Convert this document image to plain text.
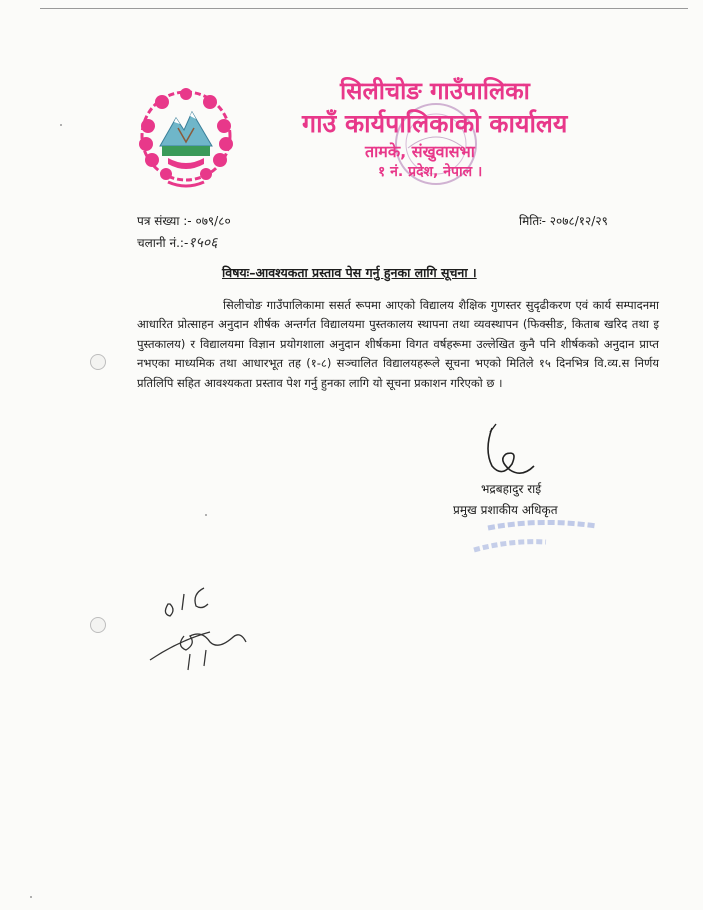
सिलीचोङ गाउँपालिका
गाउँ कार्यपालिकाको कार्यालय
तामके, संखुवासभा
१ नं. प्रदेश, नेपाल ।
पत्र संख्या :- ०७९/८०
चलानी नं.:-१५०६
मितिः- २०७८/१२/२९
विषयः–आवश्यकता प्रस्ताव पेस गर्नु हुनका लागि सूचना ।
सिलीचोङ गाउँपालिकामा ससर्त रूपमा आएको विद्यालय शैक्षिक गुणस्तर सुदृढीकरण एवं कार्य सम्पादनमा आधारित प्रोत्साहन अनुदान शीर्षक अन्तर्गत विद्यालयमा पुस्तकालय स्थापना तथा व्यवस्थापन (फिक्सीङ, किताब खरिद तथा इ पुस्तकालय) र विद्यालयमा विज्ञान प्रयोगशाला अनुदान शीर्षकमा विगत वर्षहरूमा उल्लेखित कुनै पनि शीर्षकको अनुदान प्राप्त नभएका माध्यमिक तथा आधारभूत तह (१-८) सञ्चालित विद्यालयहरूले सूचना भएको मितिले १५ दिनभित्र वि.व्य.स निर्णय प्रतिलिपि सहित आवश्यकता प्रस्ताव पेश गर्नु हुनका लागि यो सूचना प्रकाशन गरिएको छ ।
भद्रबहादुर राई
प्रमुख प्रशाकीय अधिकृत
